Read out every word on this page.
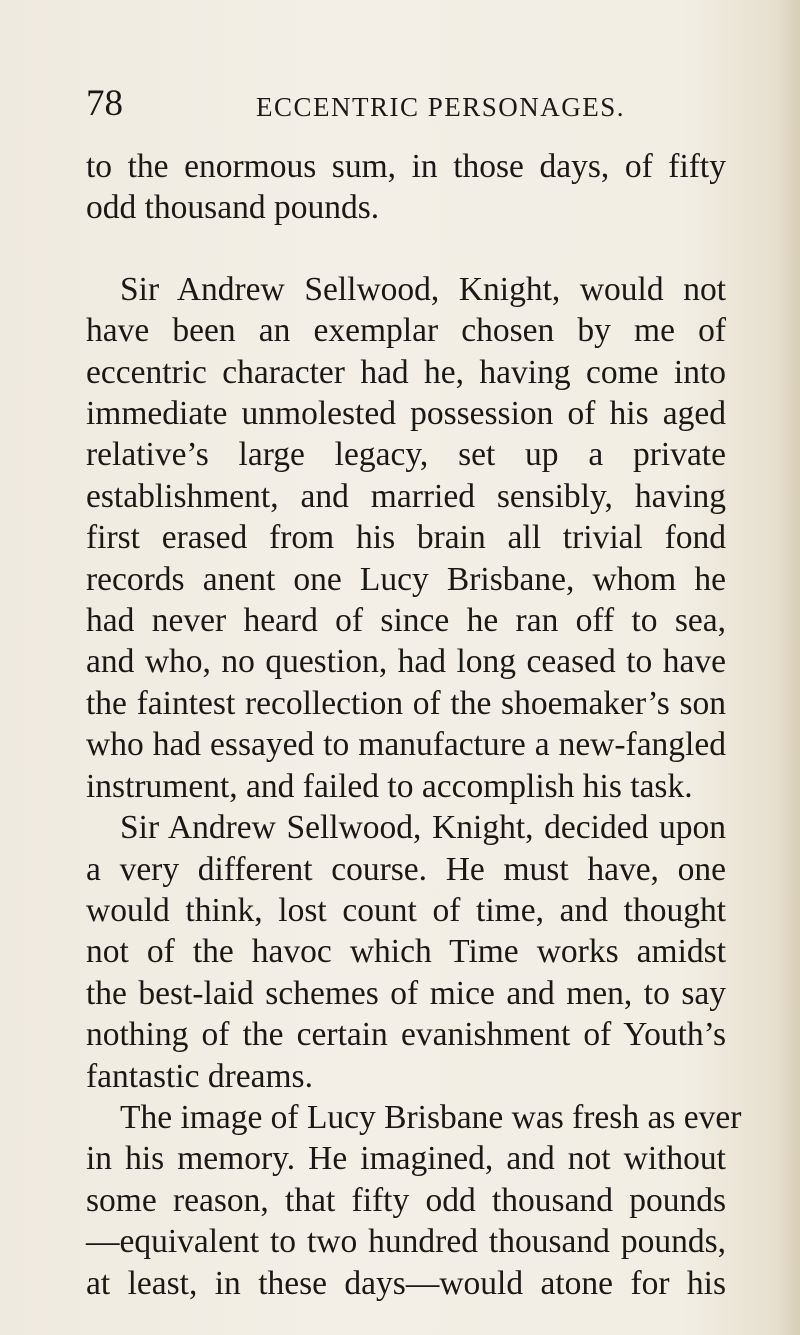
78	ECCENTRIC PERSONAGES.
to the enormous sum, in those days, of fifty
odd thousand pounds.
Sir Andrew Sellwood, Knight, would not
have been an exemplar chosen by me of
eccentric character had he, having come into
immediate unmolested possession of his aged
relative’s large legacy, set up a private
establishment, and married sensibly, having
first erased from his brain all trivial fond
records anent one Lucy Brisbane, whom he
had never heard of since he ran off to sea,
and who, no question, had long ceased to have
the faintest recollection of the shoemaker’s son
who had essayed to manufacture a new-fangled
instrument, and failed to accomplish his task.
Sir Andrew Sellwood, Knight, decided upon
a very different course. He must have, one
would think, lost count of time, and thought
not of the havoc which Time works amidst
the best-laid schemes of mice and men, to say
nothing of the certain evanishment of Youth’s
fantastic dreams.
The image of Lucy Brisbane was fresh as ever
in his memory. He imagined, and not without
some reason, that fifty odd thousand pounds
—equivalent to two hundred thousand pounds,
at least, in these days—would atone for his
